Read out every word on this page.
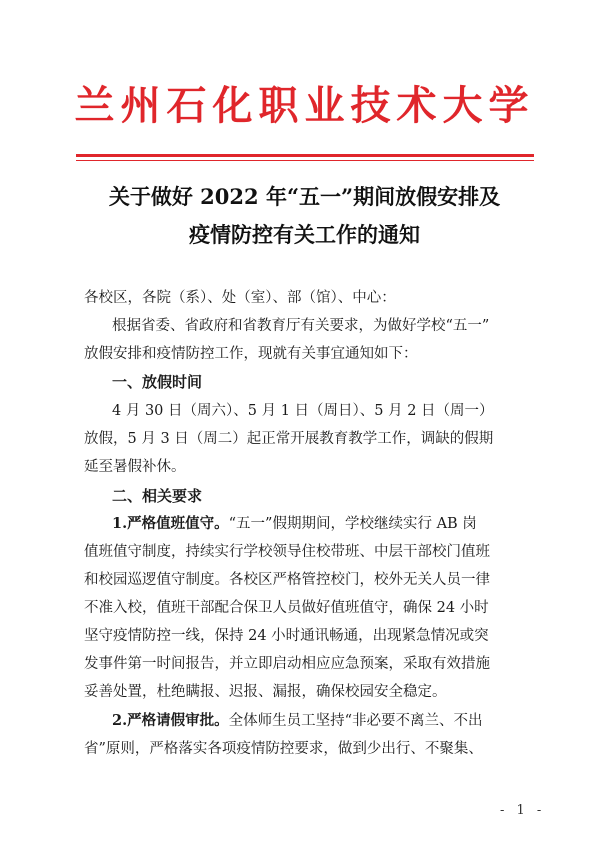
兰州石化职业技术大学
关于做好 2022 年“五一”期间放假安排及
疫情防控有关工作的通知
各校区，各院（系）、处（室）、部（馆）、中心：
根据省委、省政府和省教育厅有关要求，为做好学校“五一”
放假安排和疫情防控工作，现就有关事宜通知如下：
一、放假时间
4 月 30 日（周六）、5 月 1 日（周日）、5 月 2 日（周一）
放假，5 月 3 日（周二）起正常开展教育教学工作，调缺的假期
延至暑假补休。
二、相关要求
1.严格值班值守。“五一”假期期间，学校继续实行 AB 岗
值班值守制度，持续实行学校领导住校带班、中层干部校门值班
和校园巡逻值守制度。各校区严格管控校门，校外无关人员一律
不准入校，值班干部配合保卫人员做好值班值守，确保 24 小时
坚守疫情防控一线，保持 24 小时通讯畅通，出现紧急情况或突
发事件第一时间报告，并立即启动相应应急预案，采取有效措施
妥善处置，杜绝瞒报、迟报、漏报，确保校园安全稳定。
2.严格请假审批。全体师生员工坚持“非必要不离兰、不出
省”原则，严格落实各项疫情防控要求，做到少出行、不聚集、
- 1 -
